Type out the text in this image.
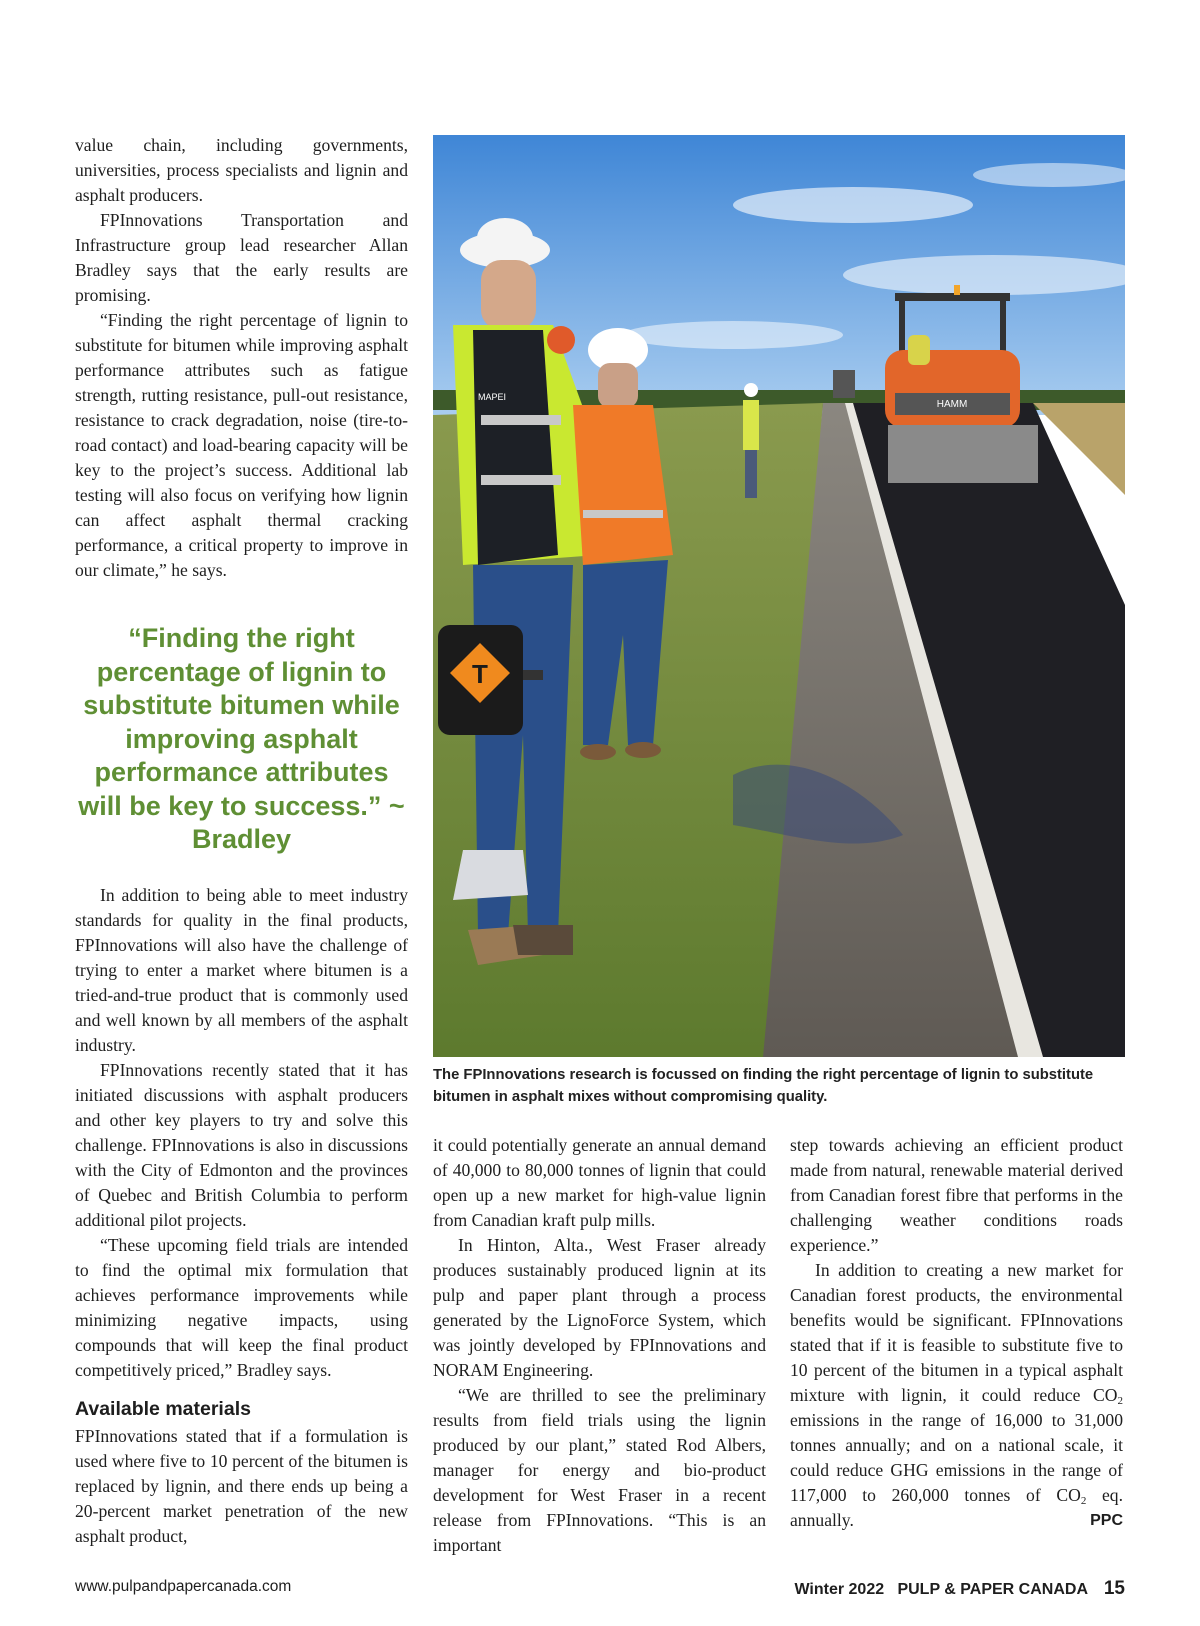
value chain, including governments, universities, process specialists and lignin and asphalt producers.

FPInnovations Transportation and Infrastructure group lead researcher Allan Bradley says that the early results are promising.

“Finding the right percentage of lignin to substitute for bitumen while improving asphalt performance attributes such as fatigue strength, rutting resistance, pull-out resistance, resistance to crack degradation, noise (tire-to-road contact) and load-bearing capacity will be key to the project’s success. Additional lab testing will also focus on verifying how lignin can affect asphalt thermal cracking performance, a critical property to improve in our climate,” he says.

“Finding the right percentage of lignin to substitute bitumen while improving asphalt performance attributes will be key to success.” ~ Bradley

In addition to being able to meet industry standards for quality in the final products, FPInnovations will also have the challenge of trying to enter a market where bitumen is a tried-and-true product that is commonly used and well known by all members of the asphalt industry.

FPInnovations recently stated that it has initiated discussions with asphalt producers and other key players to try and solve this challenge. FPInnovations is also in discussions with the City of Edmonton and the provinces of Quebec and British Columbia to perform additional pilot projects.

“These upcoming field trials are intended to find the optimal mix formulation that achieves performance improvements while minimizing negative impacts, using compounds that will keep the final product competitively priced,” Bradley says.

Available materials

FPInnovations stated that if a formulation is used where five to 10 percent of the bitumen is replaced by lignin, and there ends up being a 20-percent market penetration of the new asphalt product,

HAMM
MAPEI
T
The FPInnovations research is focussed on finding the right percentage of lignin to substitute bitumen in asphalt mixes without compromising quality.

it could potentially generate an annual demand of 40,000 to 80,000 tonnes of lignin that could open up a new market for high-value lignin from Canadian kraft pulp mills.

In Hinton, Alta., West Fraser already produces sustainably produced lignin at its pulp and paper plant through a process generated by the LignoForce System, which was jointly developed by FPInnovations and NORAM Engineering.

“We are thrilled to see the preliminary results from field trials using the lignin produced by our plant,” stated Rod Albers, manager for energy and bio-product development for West Fraser in a recent release from FPInnovations. “This is an important

step towards achieving an efficient product made from natural, renewable material derived from Canadian forest fibre that performs in the challenging weather conditions roads experience.”

In addition to creating a new market for Canadian forest products, the environmental benefits would be significant. FPInnovations stated that if it is feasible to substitute five to 10 percent of the bitumen in a typical asphalt mixture with lignin, it could reduce $CO_2$ emissions in the range of 16,000 to 31,000 tonnes annually; and on a national scale, it could reduce GHG emissions in the range of 117,000 to 260,000 tonnes of $CO_2$ eq. annually.	PPC

www.pulpandpapercanada.com	Winter 2022 PULP & PAPER CANADA 15
